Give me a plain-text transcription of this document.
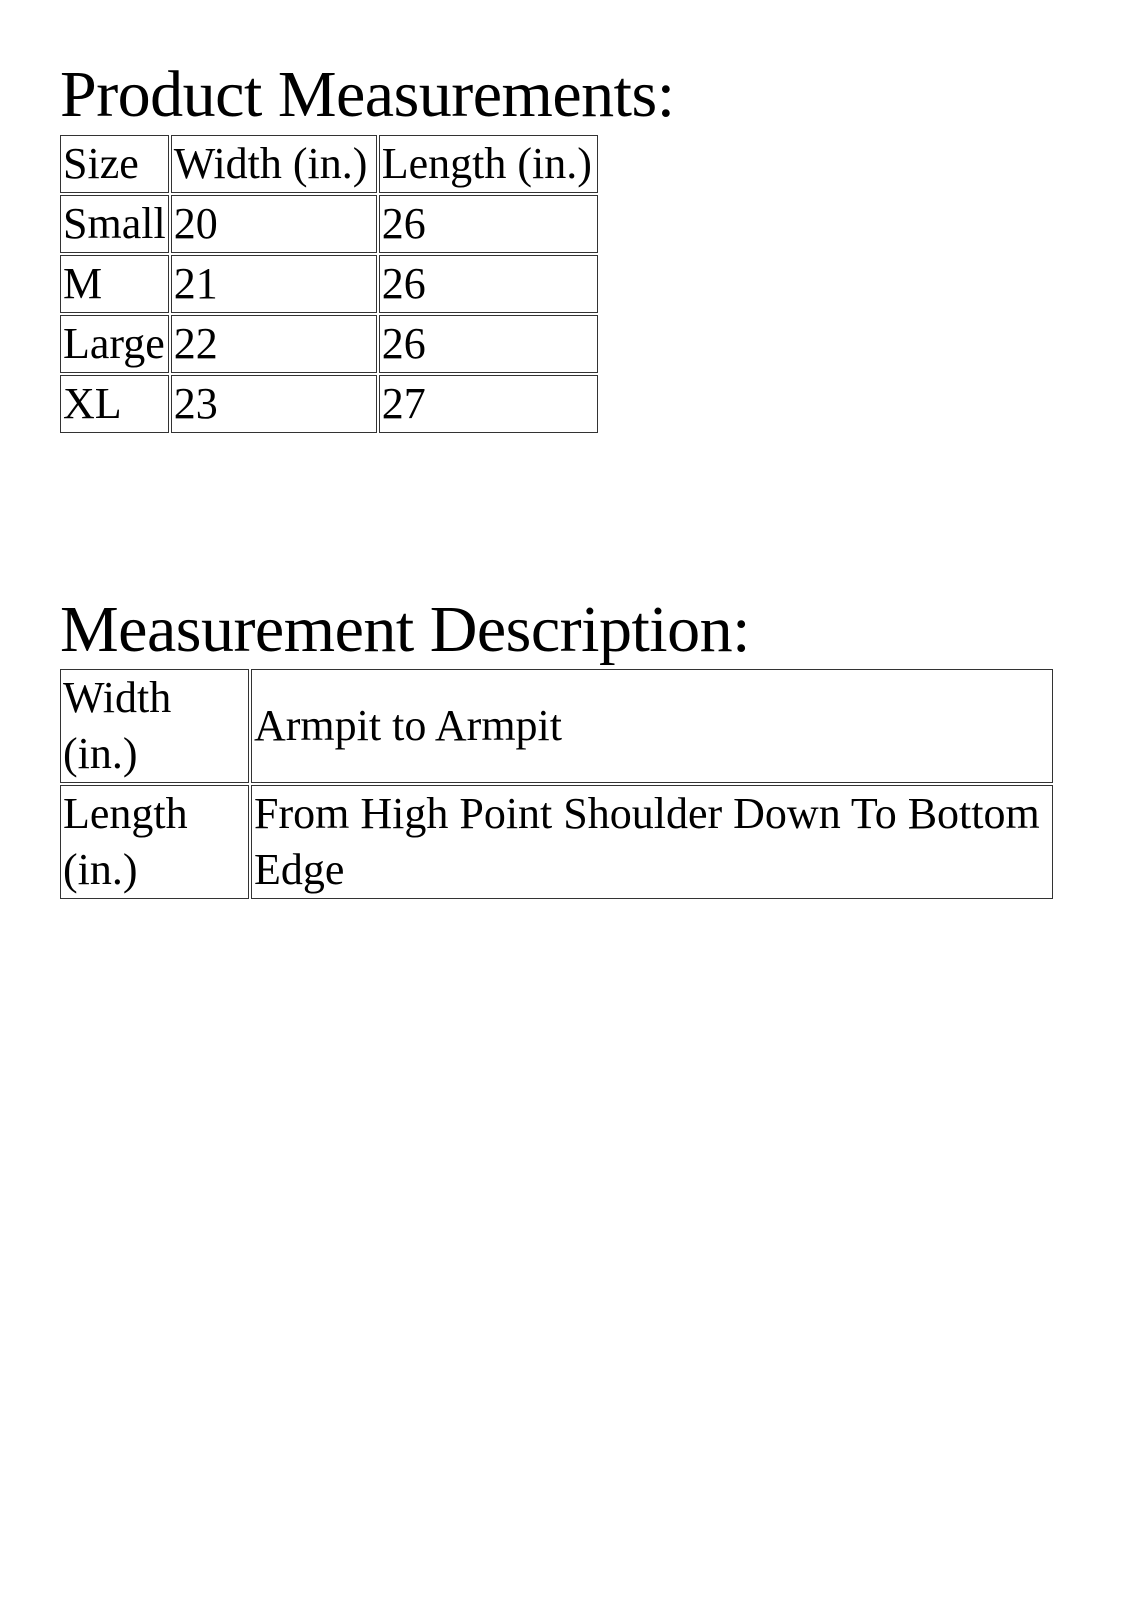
Product Measurements:
Size	Width (in.)	Length (in.)
Small	20	26
M	21	26
Large	22	26
XL	23	27
Measurement Description:
Width (in.)	Armpit to Armpit
Length (in.)	From High Point Shoulder Down To Bottom Edge
